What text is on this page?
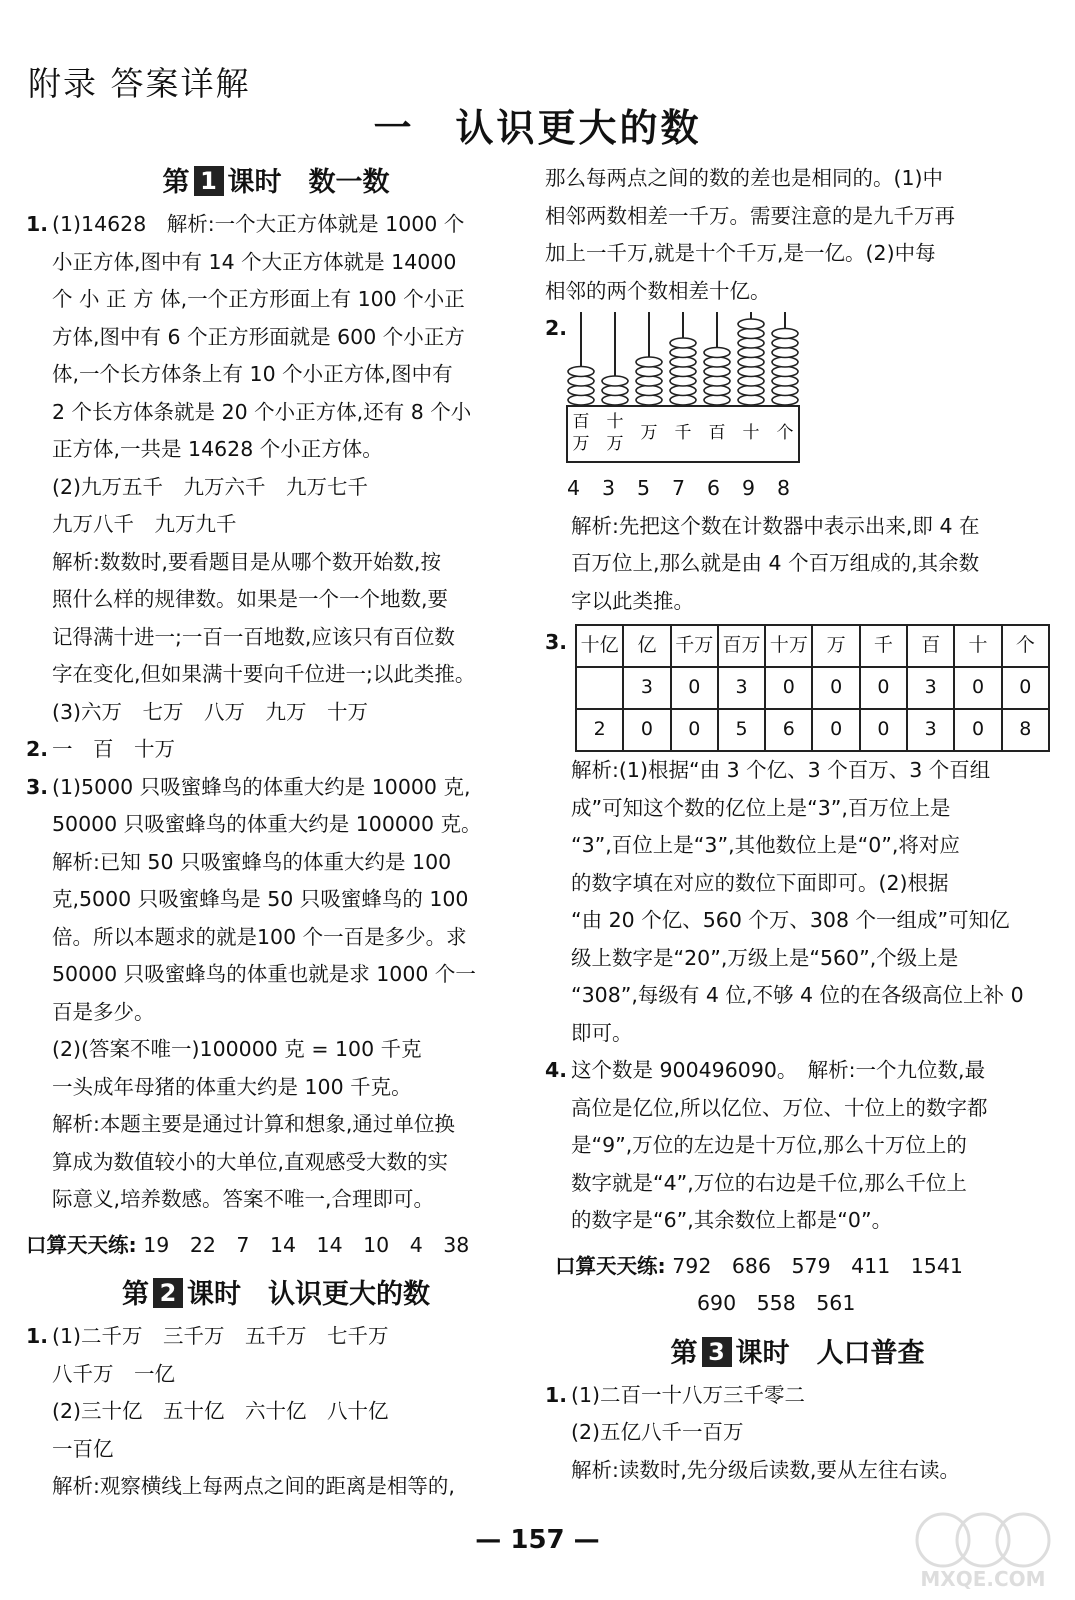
附录 答案详解
一　认识更大的数

第 1 课时　数一数

1. (1)14628　解析:一个大正方体就是 1000 个

小正方体,图中有 14 个大正方体就是 14000

个 小 正 方 体,一个正方形面上有 100 个小正

方体,图中有 6 个正方形面就是 600 个小正方

体,一个长方体条上有 10 个小正方体,图中有

2 个长方体条就是 20 个小正方体,还有 8 个小

正方体,一共是 14628 个小正方体。

(2)九万五千　九万六千　九万七千

九万八千　九万九千

解析:数数时,要看题目是从哪个数开始数,按

照什么样的规律数。如果是一个一个地数,要

记得满十进一;一百一百地数,应该只有百位数

字在变化,但如果满十要向千位进一;以此类推。

(3)六万　七万　八万　九万　十万

2. 一　百　十万

3. (1)5000 只吸蜜蜂鸟的体重大约是 10000 克,

50000 只吸蜜蜂鸟的体重大约是 100000 克。

解析:已知 50 只吸蜜蜂鸟的体重大约是 100

克,5000 只吸蜜蜂鸟是 50 只吸蜜蜂鸟的 100

倍。所以本题求的就是100 个一百是多少。求

50000 只吸蜜蜂鸟的体重也就是求 1000 个一

百是多少。

(2)(答案不唯一)100000 克 = 100 千克

一头成年母猪的体重大约是 100 千克。

解析:本题主要是通过计算和想象,通过单位换

算成为数值较小的大单位,直观感受大数的实

际意义,培养数感。答案不唯一,合理即可。

口算天天练: 19　22　7　14　14　10　4　38

第 2 课时　认识更大的数

1. (1)二千万　三千万　五千万　七千万

八千万　一亿

(2)三十亿　五十亿　六十亿　八十亿

一百亿

解析:观察横线上每两点之间的距离是相等的,

那么每两点之间的数的差也是相同的。(1)中

相邻两数相差一千万。需要注意的是九千万再

加上一千万,就是十个千万,是一亿。(2)中每

相邻的两个数相差十亿。

2.
百
万
十
万
万 千 百 十 个

4 3 5 7 6 9 8

解析:先把这个数在计数器中表示出来,即 4 在

百万位上,那么就是由 4 个百万组成的,其余数

字以此类推。

3. 十亿	亿	千万	百万	十万	万	千	百	十	个
	3	0	3	0	0	0	3	0	0
2	0	0	5	6	0	0	3	0	8

解析:(1)根据“由 3 个亿、3 个百万、3 个百组

成”可知这个数的亿位上是“3”,百万位上是

“3”,百位上是“3”,其他数位上是“0”,将对应

的数字填在对应的数位下面即可。(2)根据

“由 20 个亿、560 个万、308 个一组成”可知亿

级上数字是“20”,万级上是“560”,个级上是

“308”,每级有 4 位,不够 4 位的在各级高位上补 0

即可。

4. 这个数是 900496090。　解析:一个九位数,最

高位是亿位,所以亿位、万位、十位上的数字都

是“9”,万位的左边是十万位,那么十万位上的

数字就是“4”,万位的右边是千位,那么千位上

的数字是“6”,其余数位上都是“0”。

口算天天练: 792　686　579　411　1541

690　558　561

第 3 课时　人口普查

1. (1)二百一十八万三千零二

(2)五亿八千一百万

解析:读数时,先分级后读数,要从左往右读。

— 157 —
MXQE.COM
